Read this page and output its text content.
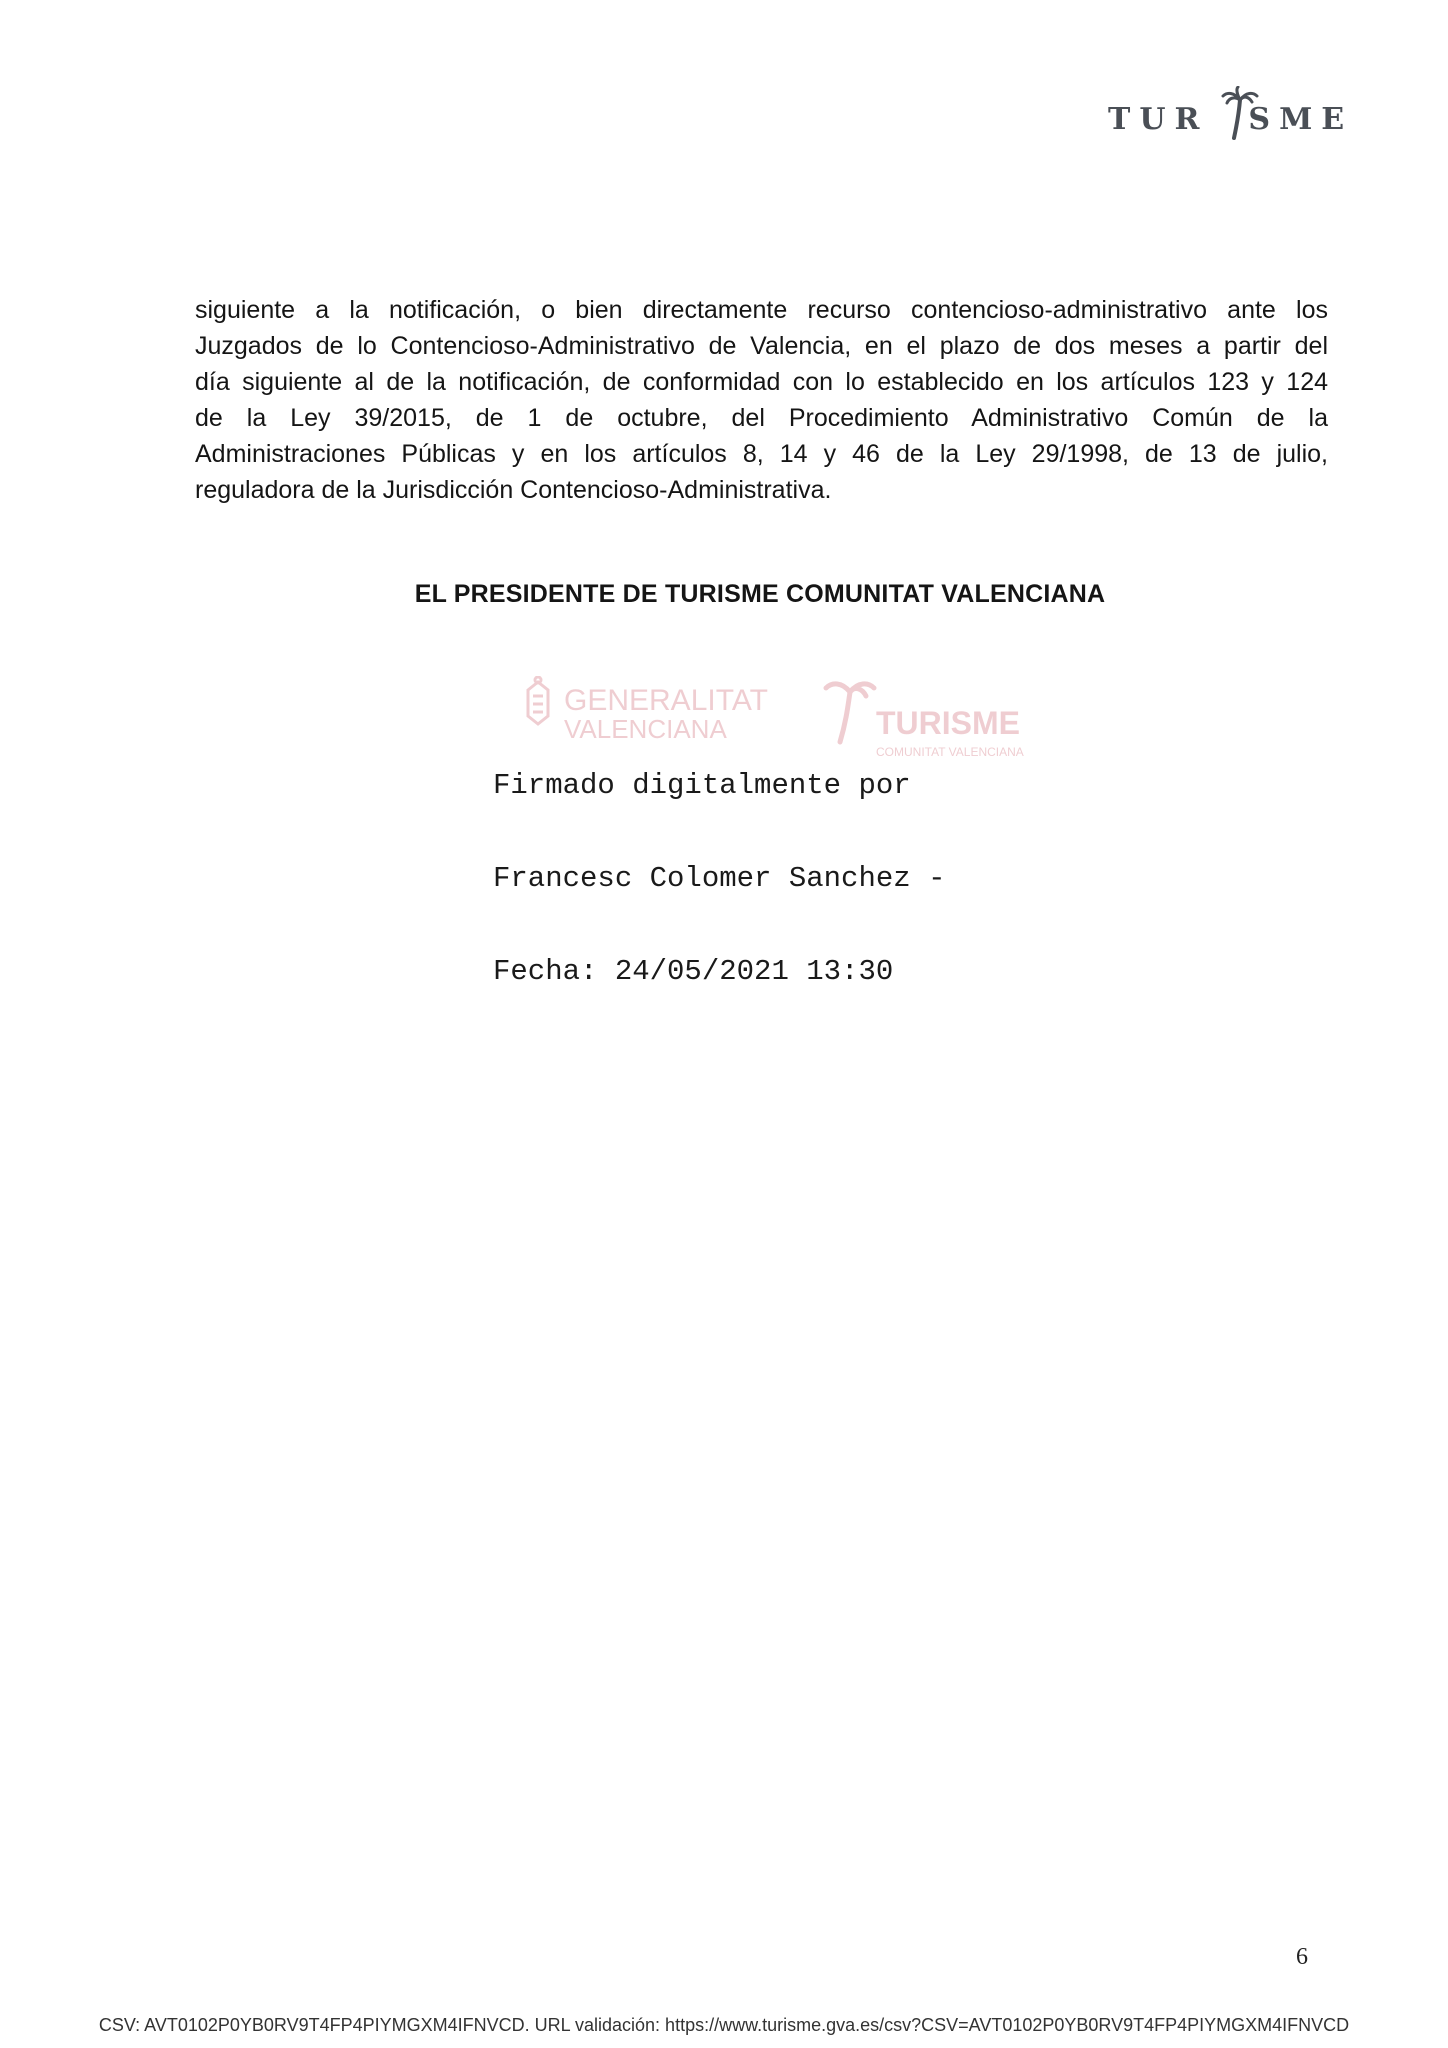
TUR SME
siguiente a la notificación, o bien directamente recurso contencioso-administrativo ante los
Juzgados de lo Contencioso-Administrativo de Valencia, en el plazo de dos meses a partir del
día siguiente al de la notificación, de conformidad con lo establecido en los artículos 123 y 124
de la Ley 39/2015, de 1 de octubre, del Procedimiento Administrativo Común de la
Administraciones Públicas y en los artículos 8, 14 y 46 de la Ley 29/1998, de 13 de julio,
reguladora de la Jurisdicción Contencioso-Administrativa.
EL PRESIDENTE DE TURISME COMUNITAT VALENCIANA
GENERALITAT
VALENCIANA	TURISME
COMUNITAT VALENCIANA

Firmado digitalmente por

Francesc Colomer Sanchez -

Fecha: 24/05/2021 13:30

6
CSV: AVT0102P0YB0RV9T4FP4PIYMGXM4IFNVCD. URL validación: https://www.turisme.gva.es/csv?CSV=AVT0102P0YB0RV9T4FP4PIYMGXM4IFNVCD
